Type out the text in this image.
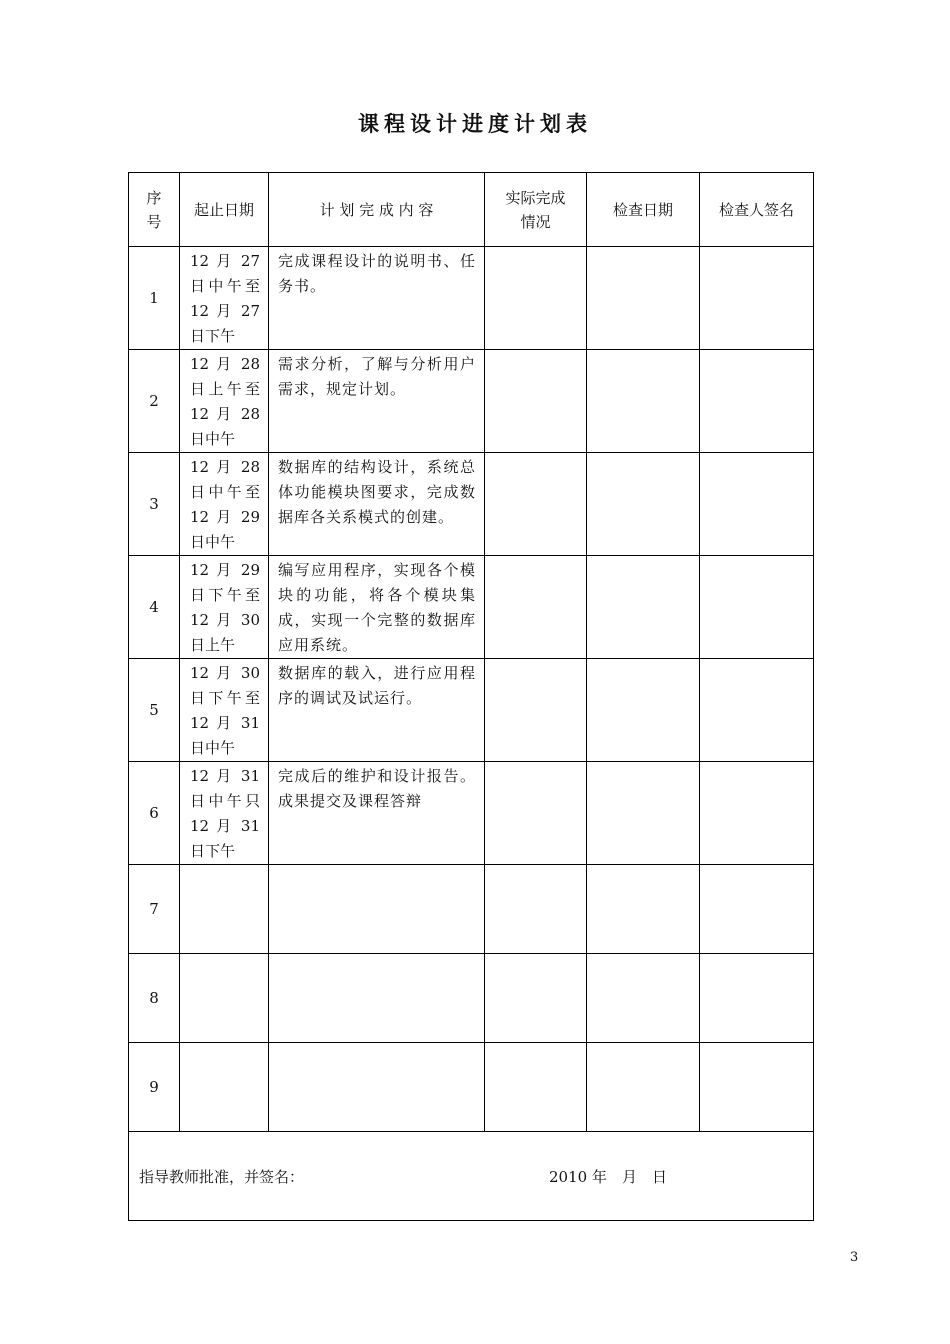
课程设计进度计划表
序号	起止日期	计 划 完 成 内 容	实际完成情况	检查日期	检查人签名
1	12 月 27 日中午至 12 月 27 日下午	完成课程设计的说明书、任务书。			
2	12 月 28 日上午至 12 月 28 日中午	需求分析，了解与分析用户需求，规定计划。			
3	12 月 28 日中午至 12 月 29 日中午	数据库的结构设计，系统总体功能模块图要求，完成数据库各关系模式的创建。			
4	12 月 29 日下午至 12 月 30 日上午	编写应用程序，实现各个模块的功能，将各个模块集成，实现一个完整的数据库应用系统。			
5	12 月 30 日下午至 12 月 31 日中午	数据库的载入，进行应用程序的调试及试运行。			
6	12 月 31 日中午只 12 月 31 日下午	完成后的维护和设计报告。成果提交及课程答辩			
7					
8					
9					

指导教师批准，并签名： 2010 年　月　日					
3
